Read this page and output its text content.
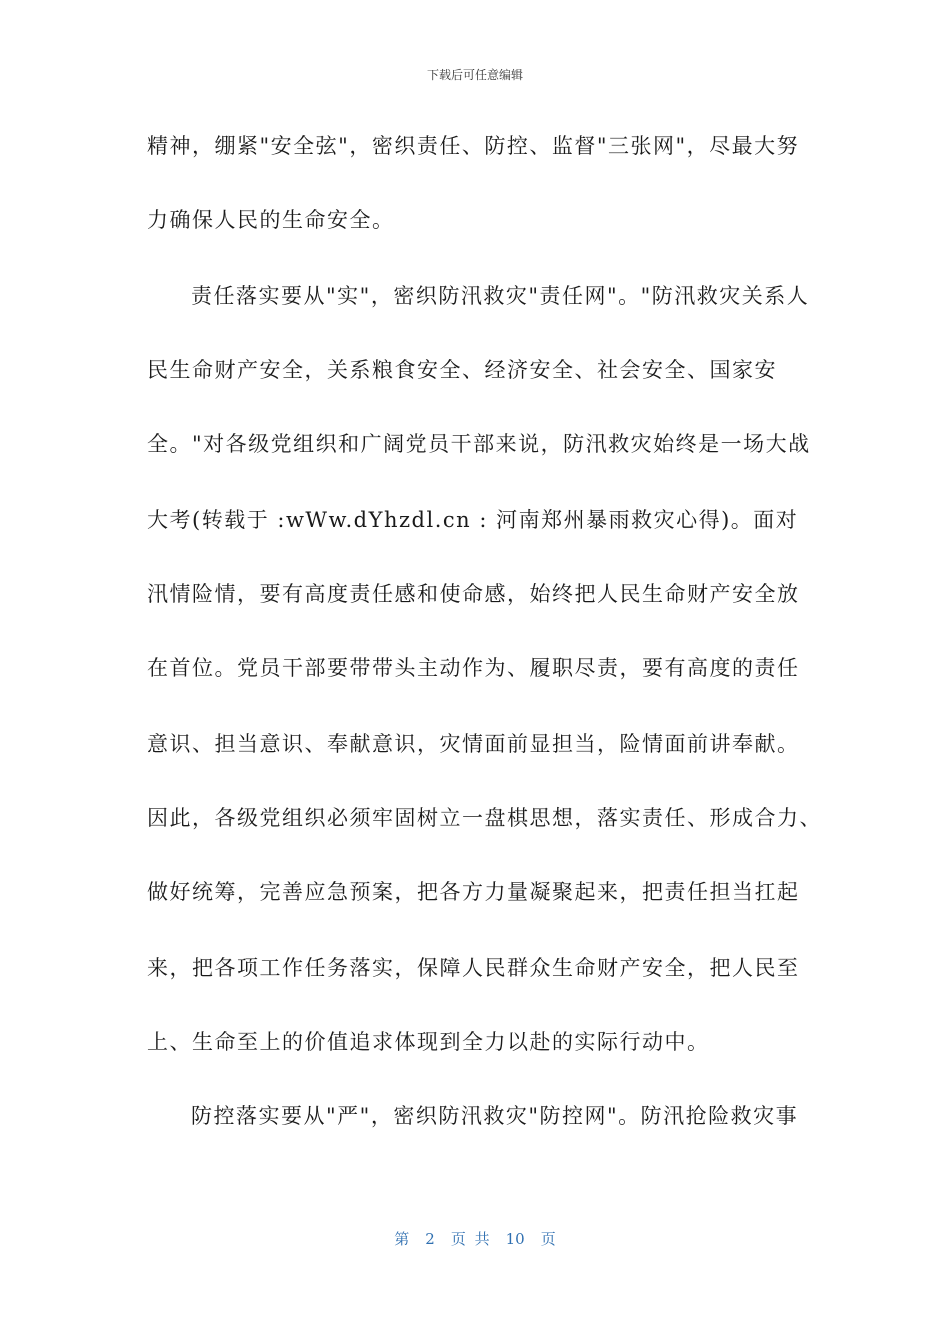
下载后可任意编辑
精神，绷紧"安全弦"，密织责任、防控、监督"三张网"，尽最大努
力确保人民的生命安全。
责任落实要从"实"，密织防汛救灾"责任网"。"防汛救灾关系人
民生命财产安全，关系粮食安全、经济安全、社会安全、国家安
全。"对各级党组织和广阔党员干部来说，防汛救灾始终是一场大战
大考(转载于 :wWw.dYhzdl.cn : 河南郑州暴雨救灾心得)。面对
汛情险情，要有高度责任感和使命感，始终把人民生命财产安全放
在首位。党员干部要带带头主动作为、履职尽责，要有高度的责任
意识、担当意识、奉献意识，灾情面前显担当，险情面前讲奉献。
因此，各级党组织必须牢固树立一盘棋思想，落实责任、形成合力、
做好统筹，完善应急预案，把各方力量凝聚起来，把责任担当扛起
来，把各项工作任务落实，保障人民群众生命财产安全，把人民至
上、生命至上的价值追求体现到全力以赴的实际行动中。
防控落实要从"严"，密织防汛救灾"防控网"。防汛抢险救灾事
第 2 页 共 10 页
